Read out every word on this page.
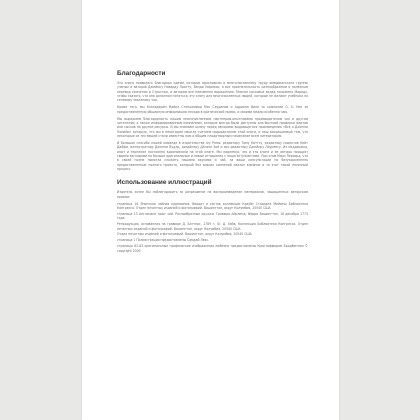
Благодарности

Эта книга появилась благодаря идеям, которые вдохновили и многочисленному труду американского группы ученых и авторов Джеймсу Новарду Пратту, Венди Нирмахо, а все признательность разнообразным и полезным перевод скипетом и Страстью, и авторам все неизменно выражению. Многое кассовых вклад положено Мираду, чтобы сказать, что она дополнял питаться, эту книгу для многочисленных людей, которые не желают учебника по сетевому заказному чая.

Кроме того, мы благодарим Майкл Степьянфид Мос Серданов и Адриана Виле за компании G. S. Heo за предоставленную обширную информацию нехода в критической прямо, и своими медлр особенно чаю.

Мы выражаем благодарность нашим многочисленным партнерам-опытниками производителям чая и другим читателям, а также информированным компаниям, которые всегда были доступны для быстрой проверки фактов или сыскав на другие ресурсы. И мы снимаем шляпу перед авторами выдающегося произведения «Всё о Дженни Ломейи» которую, что мы в некотором смысле считаем прародителем этой книги, и наш восхищаемый тем, что некоторые из тех вещей стали известны нам и общим плодотворным начинание всем литератором.

И большое спасибо нашей команде в издательстве Ivy Press: редактору Тому Киттсу, редактору проектов Кейт Дайфи, иллюстратору Дженни Вудли, дизайнеру Дагине Зиё и арт-редактору Джеймсу Лоуренсу. Их поддержка, опыт и терпение постоянно вдохновляли на этой книге. Мы надеемся, что и эта книга и ее авторы поощрят своими взглядами на больше оригинальные и новые отношения с наши энтузиастами. При этом Мэри Лерхорд, что в своей полне помогла сложить нашими вкусами и чай, за ваши консультации по безукоризненно предоставленные полного проекта, который без всяких сомнений оказал влияние и за этот такой полезный процесс.

Использование иллюстраций

Издатель хотел бы поблагодарить за разрешение на воспроизведение материалов, защищенных авторским правом:

страница 16 Японская чайная церемония. Вводит в состав коллекции Краубс Стадарта Мейвеш Библиотека Конгресса. Отдел печатных изданий и фотографий. Вашингтон, округ Колумбия, 20540 США

страница 13 Англичане пьют чай. Разнообразные кружки. Гравюра Айрленд, Ферри Вашингтон, 16 декабря 1773 года

Репродукция, основанная на гравюре Д. Баттерс, 1789 г. Gr. Д. Хэйв, Коллекция Библиотека Конгресса. Отдел печатных изданий и фотографий. Вашингтон, округ Колумбия, 20540 США

Отдел печатных изданий и фотографий. Вашингтон, округ Колумбия, 20540 США

страница 1 Полиэстрация предоставлены Самдай Лекс.

страницы 82-83 оригинальные графические изображения любезно предоставлены Кристоффером Бродбентом © copyright 2009
